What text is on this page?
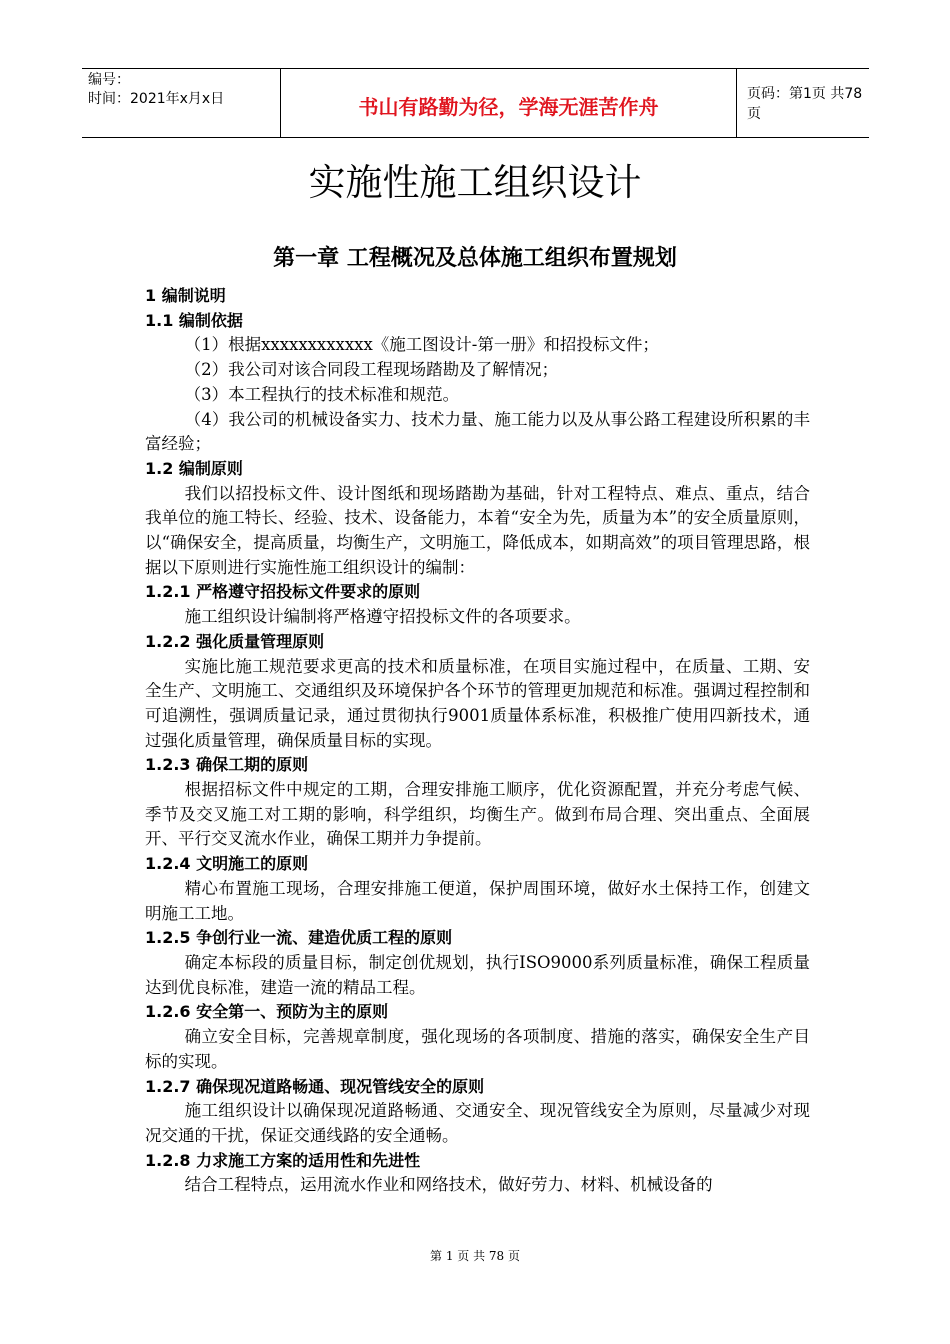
编号：
时间：2021年x月x日	书山有路勤为径，学海无涯苦作舟
页码：第1页 共78页
实施性施工组织设计
第一章 工程概况及总体施工组织布置规划

1 编制说明

1.1 编制依据

（1）根据xxxxxxxxxxxx《施工图设计-第一册》和招投标文件；

（2）我公司对该合同段工程现场踏勘及了解情况；

（3）本工程执行的技术标准和规范。

（4）我公司的机械设备实力、技术力量、施工能力以及从事公路工程建设所积累的丰富经验；

1.2 编制原则

我们以招投标文件、设计图纸和现场踏勘为基础，针对工程特点、难点、重点，结合我单位的施工特长、经验、技术、设备能力，本着“安全为先，质量为本”的安全质量原则，以“确保安全，提高质量，均衡生产，文明施工，降低成本，如期高效”的项目管理思路，根据以下原则进行实施性施工组织设计的编制：

1.2.1 严格遵守招投标文件要求的原则

施工组织设计编制将严格遵守招投标文件的各项要求。

1.2.2 强化质量管理原则

实施比施工规范要求更高的技术和质量标准，在项目实施过程中，在质量、工期、安全生产、文明施工、交通组织及环境保护各个环节的管理更加规范和标准。强调过程控制和可追溯性，强调质量记录，通过贯彻执行9001质量体系标准，积极推广使用四新技术，通过强化质量管理，确保质量目标的实现。

1.2.3 确保工期的原则

根据招标文件中规定的工期，合理安排施工顺序，优化资源配置，并充分考虑气候、季节及交叉施工对工期的影响，科学组织，均衡生产。做到布局合理、突出重点、全面展开、平行交叉流水作业，确保工期并力争提前。

1.2.4 文明施工的原则

精心布置施工现场，合理安排施工便道，保护周围环境，做好水土保持工作，创建文明施工工地。

1.2.5 争创行业一流、建造优质工程的原则

确定本标段的质量目标，制定创优规划，执行ISO9000系列质量标准，确保工程质量达到优良标准，建造一流的精品工程。

1.2.6 安全第一、预防为主的原则

确立安全目标，完善规章制度，强化现场的各项制度、措施的落实，确保安全生产目标的实现。

1.2.7 确保现况道路畅通、现况管线安全的原则

施工组织设计以确保现况道路畅通、交通安全、现况管线安全为原则，尽量减少对现况交通的干扰，保证交通线路的安全通畅。

1.2.8 力求施工方案的适用性和先进性

结合工程特点，运用流水作业和网络技术，做好劳力、材料、机械设备的

第 1 页 共 78 页
